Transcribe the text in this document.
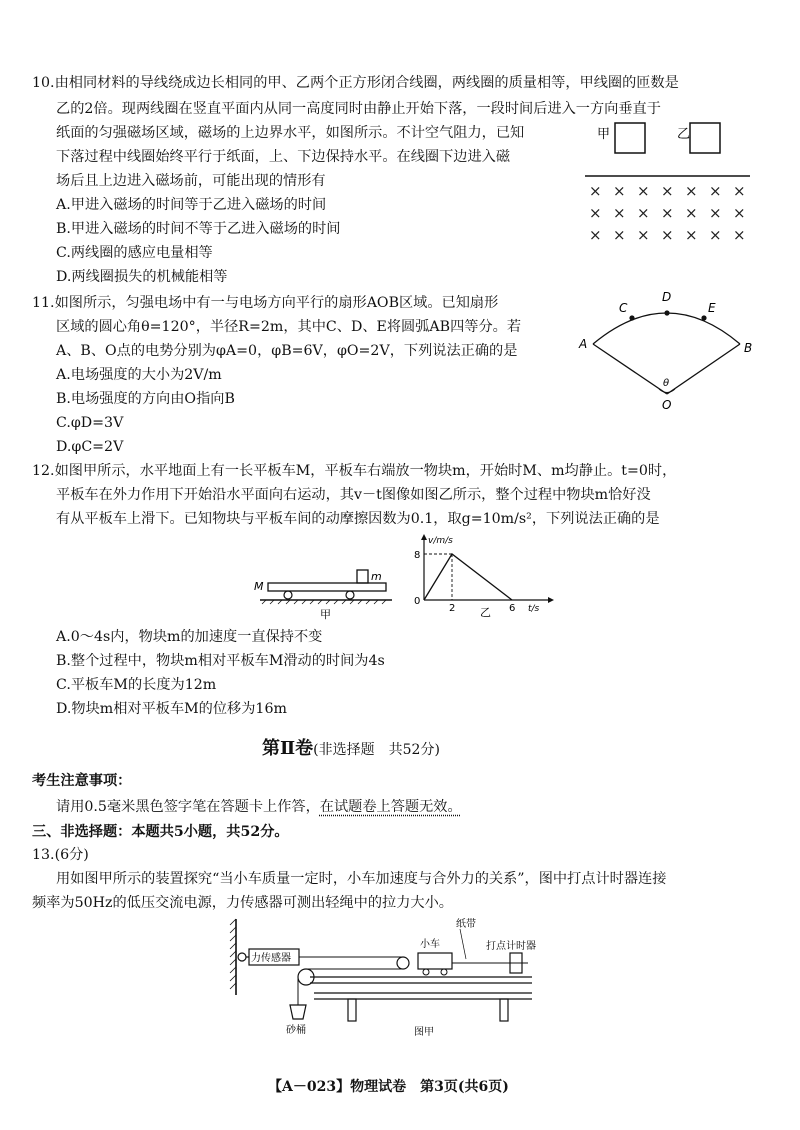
10.由相同材料的导线绕成边长相同的甲、乙两个正方形闭合线圈，两线圈的质量相等，甲线圈的匝数是
乙的2倍。现两线圈在竖直平面内从同一高度同时由静止开始下落，一段时间后进入一方向垂直于
纸面的匀强磁场区域，磁场的上边界水平，如图所示。不计空气阻力，已知
下落过程中线圈始终平行于纸面，上、下边保持水平。在线圈下边进入磁
场后且上边进入磁场前，可能出现的情形有
A.甲进入磁场的时间等于乙进入磁场的时间
B.甲进入磁场的时间不等于乙进入磁场的时间
C.两线圈的感应电量相等
D.两线圈损失的机械能相等
甲	乙
× × × × × × ×
× × × × × × ×
× × × × × × ×
11.如图所示，匀强电场中有一与电场方向平行的扇形AOB区域。已知扇形
区域的圆心角θ=120°，半径R=2m，其中C、D、E将圆弧AB四等分。若
A、B、O点的电势分别为φA=0，φB=6V，φO=2V，下列说法正确的是
A.电场强度的大小为2V/m
B.电场强度的方向由O指向B
C.φD=3V
D.φC=2V
A	B
C
D
E
θ
O
12.如图甲所示，水平地面上有一长平板车M，平板车右端放一物块m，开始时M、m均静止。t=0时，
平板车在外力作用下开始沿水平面向右运动，其v－t图像如图乙所示，整个过程中物块m恰好没
有从平板车上滑下。已知物块与平板车间的动摩擦因数为0.1，取g=10m/s²，下列说法正确的是
M
m
甲
v/m/s
8
0
2	6 t/s
乙
A.0～4s内，物块m的加速度一直保持不变
B.整个过程中，物块m相对平板车M滑动的时间为4s
C.平板车M的长度为12m
D.物块m相对平板车M的位移为16m
第Ⅱ卷(非选择题　共52分)
考生注意事项：
请用0.5毫米黑色签字笔在答题卡上作答，在试题卷上答题无效。
三、非选择题：本题共5小题，共52分。
13.(6分)
用如图甲所示的装置探究“当小车质量一定时，小车加速度与合外力的关系”，图中打点计时器连接
频率为50Hz的低压交流电源，力传感器可测出轻绳中的拉力大小。
力传感器
砂桶
小车
纸带
打点计时器
图甲
【A－023】物理试卷　第3页(共6页)
